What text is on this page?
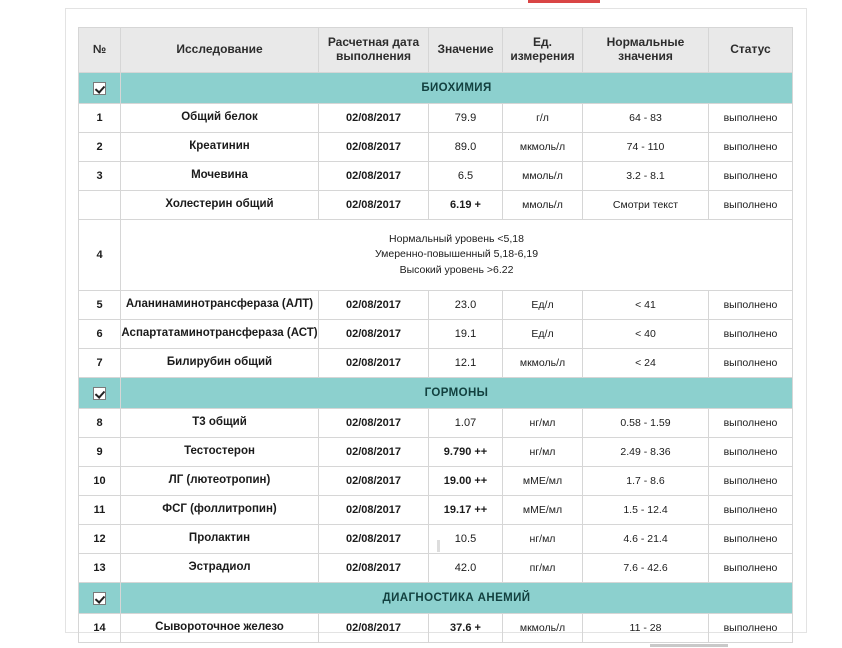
№	Исследование	Расчетная дата выполнения	Значение	Ед. измерения	Нормальные значения	Статус
	БИОХИМИЯ					
1	Общий белок	02/08/2017	79.9	г/л	64 - 83	выполнено
2	Креатинин	02/08/2017	89.0	мкмоль/л	74 - 110	выполнено
3	Мочевина	02/08/2017	6.5	ммоль/л	3.2 - 8.1	выполнено
	Холестерин общий	02/08/2017	6.19 +	ммоль/л	Смотри текст	выполнено
4	Нормальный уровень <5,18
Умеренно-повышенный 5,18-6,19
Высокий уровень >6.22					

5	Аланинаминотрансфераза (АЛТ)	02/08/2017	23.0	Ед/л	< 41	выполнено
6	Аспартатаминотрансфераза (АСТ)	02/08/2017	19.1	Ед/л	< 40	выполнено
7	Билирубин общий	02/08/2017	12.1	мкмоль/л	< 24	выполнено
	ГОРМОНЫ					
8	Т3 общий	02/08/2017	1.07	нг/мл	0.58 - 1.59	выполнено
9	Тестостерон	02/08/2017	9.790 ++	нг/мл	2.49 - 8.36	выполнено
10	ЛГ (лютеотропин)	02/08/2017	19.00 ++	мМЕ/мл	1.7 - 8.6	выполнено
11	ФСГ (фоллитропин)	02/08/2017	19.17 ++	мМЕ/мл	1.5 - 12.4	выполнено
12	Пролактин	02/08/2017	10.5	нг/мл	4.6 - 21.4	выполнено
13	Эстрадиол	02/08/2017	42.0	пг/мл	7.6 - 42.6	выполнено
	ДИАГНОСТИКА АНЕМИЙ					
14	Сывороточное железо	02/08/2017	37.6 +	мкмоль/л	11 - 28	выполнено
